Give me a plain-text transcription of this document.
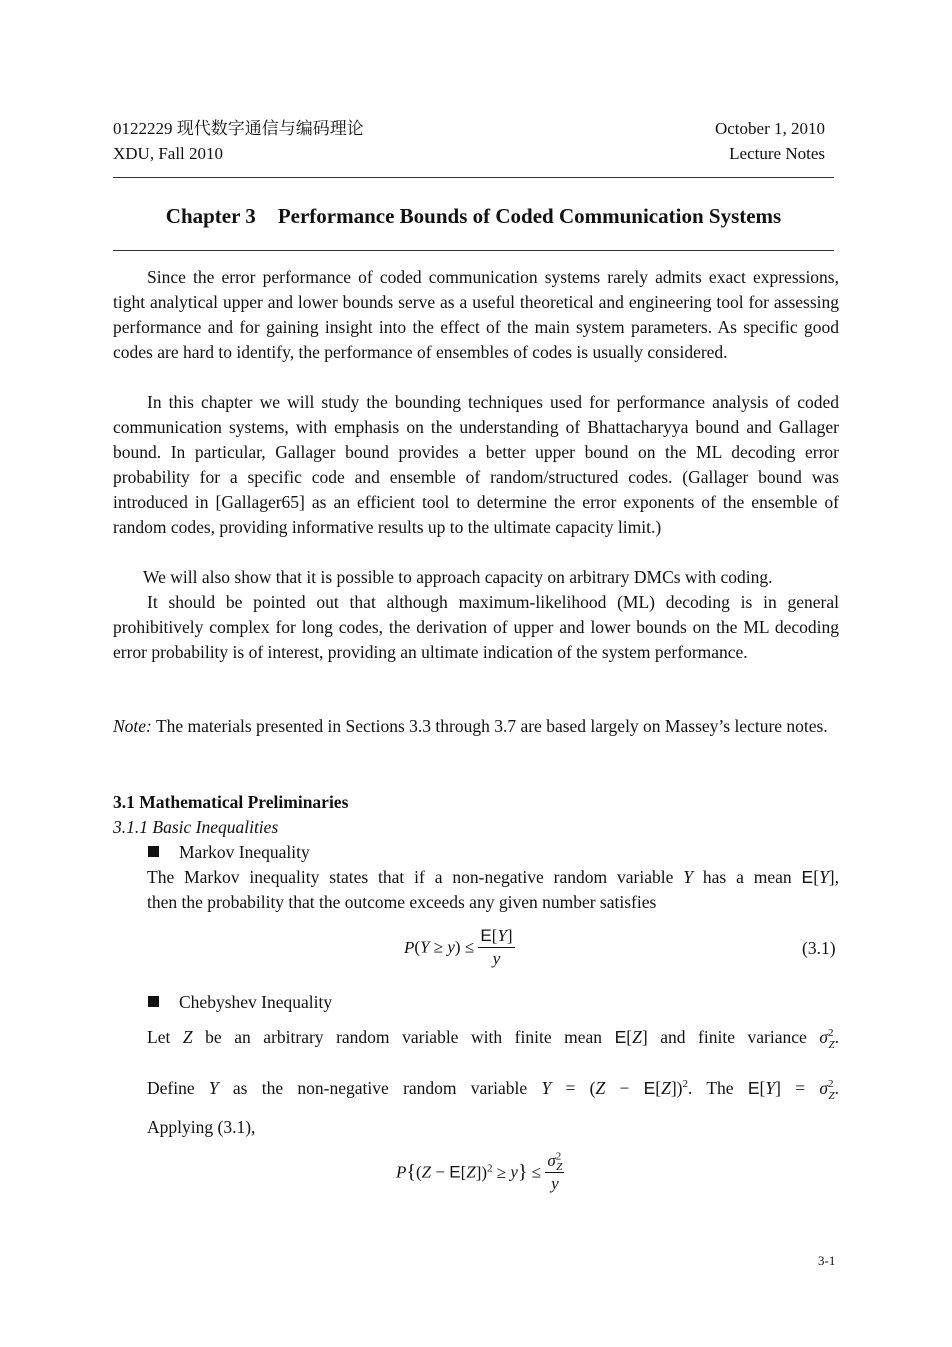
0122229 现代数字通信与编码理论	October 1, 2010
XDU, Fall 2010	Lecture Notes
Chapter 3 Performance Bounds of Coded Communication Systems

Since the error performance of coded communication systems rarely admits exact expressions, tight analytical upper and lower bounds serve as a useful theoretical and engineering tool for assessing performance and for gaining insight into the effect of the main system parameters. As specific good codes are hard to identify, the performance of ensembles of codes is usually considered.

In this chapter we will study the bounding techniques used for performance analysis of coded communication systems, with emphasis on the understanding of Bhattacharyya bound and Gallager bound. In particular, Gallager bound provides a better upper bound on the ML decoding error probability for a specific code and ensemble of random/structured codes. (Gallager bound was introduced in [Gallager65] as an efficient tool to determine the error exponents of the ensemble of random codes, providing informative results up to the ultimate capacity limit.)

We will also show that it is possible to approach capacity on arbitrary DMCs with coding.

It should be pointed out that although maximum-likelihood (ML) decoding is in general prohibitively complex for long codes, the derivation of upper and lower bounds on the ML decoding error probability is of interest, providing an ultimate indication of the system performance.

Note: The materials presented in Sections 3.3 through 3.7 are based largely on Massey’s lecture notes.

3.1 Mathematical Preliminaries
3.1.1 Basic Inequalities
Markov Inequality
The Markov inequality states that if a non-negative random variable Y has a mean E[Y],
then the probability that the outcome exceeds any given number satisfies
$P(Y \ge y) \le \frac{E[Y]}{y}$	(3.1)
Chebyshev Inequality
Let Z be an arbitrary random variable with finite mean E[Z] and finite variance $\sigma^2_Z$.
Define Y as the non-negative random variable $Y = (Z - E[Z])^2$. The $E[Y] = \sigma^2_Z$.
Applying (3.1),
$P\{(Z - E[Z])^2 \ge y\} \le \frac{\sigma^2_Z}{y}$
3-1
